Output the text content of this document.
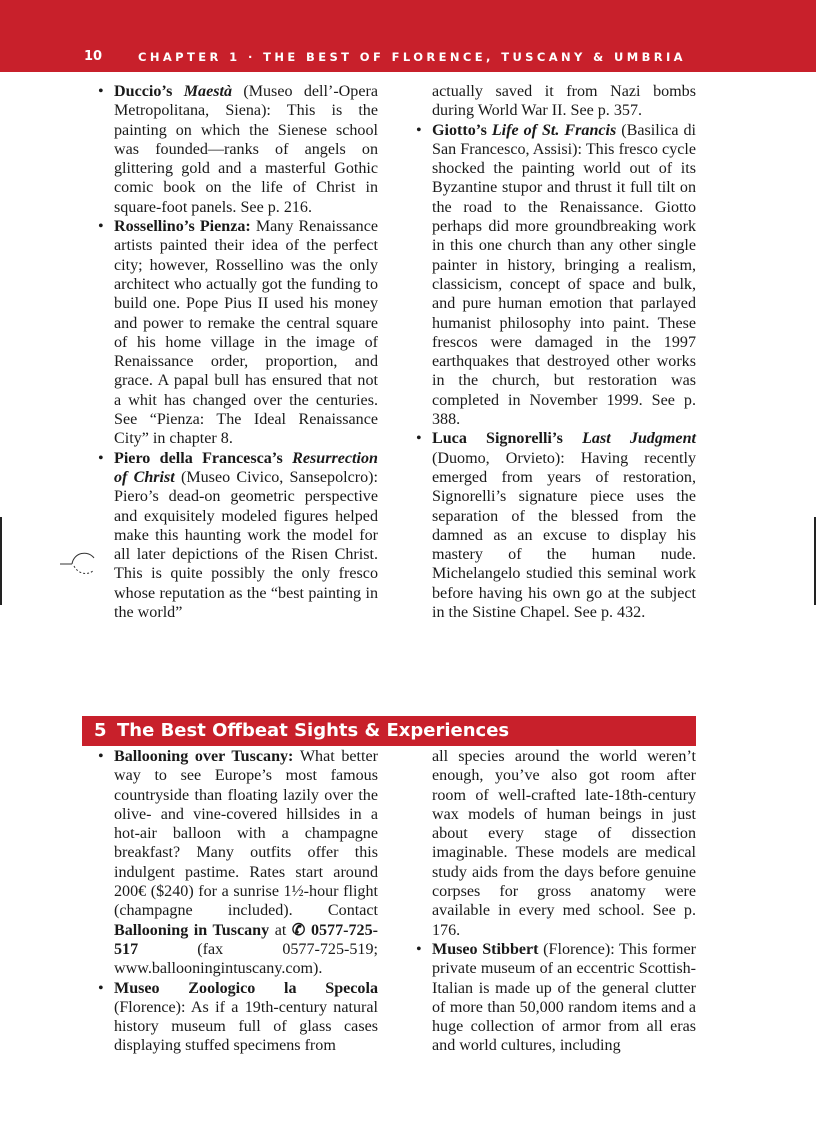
10	CHAPTER 1 · THE BEST OF FLORENCE, TUSCANY & UMBRIA
• Duccio’s Maestà (Museo dell’-Opera Metropolitana, Siena): This is the painting on which the Sienese school was founded—ranks of angels on glittering gold and a masterful Gothic comic book on the life of Christ in square-foot panels. See p. 216.
• Rossellino’s Pienza: Many Renaissance artists painted their idea of the perfect city; however, Rossellino was the only architect who actually got the funding to build one. Pope Pius II used his money and power to remake the central square of his home village in the image of Renaissance order, proportion, and grace. A papal bull has ensured that not a whit has changed over the centuries. See “Pienza: The Ideal Renaissance City” in chapter 8.
• Piero della Francesca’s Resurrection of Christ (Museo Civico, Sansepolcro): Piero’s dead-on geometric perspective and exquisitely modeled figures helped make this haunting work the model for all later depictions of the Risen Christ. This is quite possibly the only fresco whose reputation as the “best painting in the world”
actually saved it from Nazi bombs during World War II. See p. 357.
• Giotto’s Life of St. Francis (Basilica di San Francesco, Assisi): This fresco cycle shocked the painting world out of its Byzantine stupor and thrust it full tilt on the road to the Renaissance. Giotto perhaps did more groundbreaking work in this one church than any other single painter in history, bringing a realism, classicism, concept of space and bulk, and pure human emotion that parlayed humanist philosophy into paint. These frescos were damaged in the 1997 earthquakes that destroyed other works in the church, but restoration was completed in November 1999. See p. 388.
• Luca Signorelli’s Last Judgment (Duomo, Orvieto): Having recently emerged from years of restoration, Signorelli’s signature piece uses the separation of the blessed from the damned as an excuse to display his mastery of the human nude. Michelangelo studied this seminal work before having his own go at the subject in the Sistine Chapel. See p. 432.
5 The Best Offbeat Sights & Experiences
• Ballooning over Tuscany: What better way to see Europe’s most famous countryside than floating lazily over the olive- and vine-covered hillsides in a hot-air balloon with a champagne breakfast? Many outfits offer this indulgent pastime. Rates start around 200€ ($240) for a sunrise 1½-hour flight (champagne included). Contact Ballooning in Tuscany at ✆ 0577-725-517	(fax 0577-725-519; www.ballooningintuscany.com).
• Museo Zoologico la Specola (Florence): As if a 19th-century natural history museum full of glass cases displaying stuffed specimens from
all species around the world weren’t enough, you’ve also got room after room of well-crafted late-18th-century wax models of human beings in just about every stage of dissection imaginable. These models are medical study aids from the days before genuine corpses for gross anatomy were available in every med school. See p. 176.
• Museo Stibbert (Florence): This former private museum of an eccentric Scottish-Italian is made up of the general clutter of more than 50,000 random items and a huge collection of armor from all eras and world cultures, including
